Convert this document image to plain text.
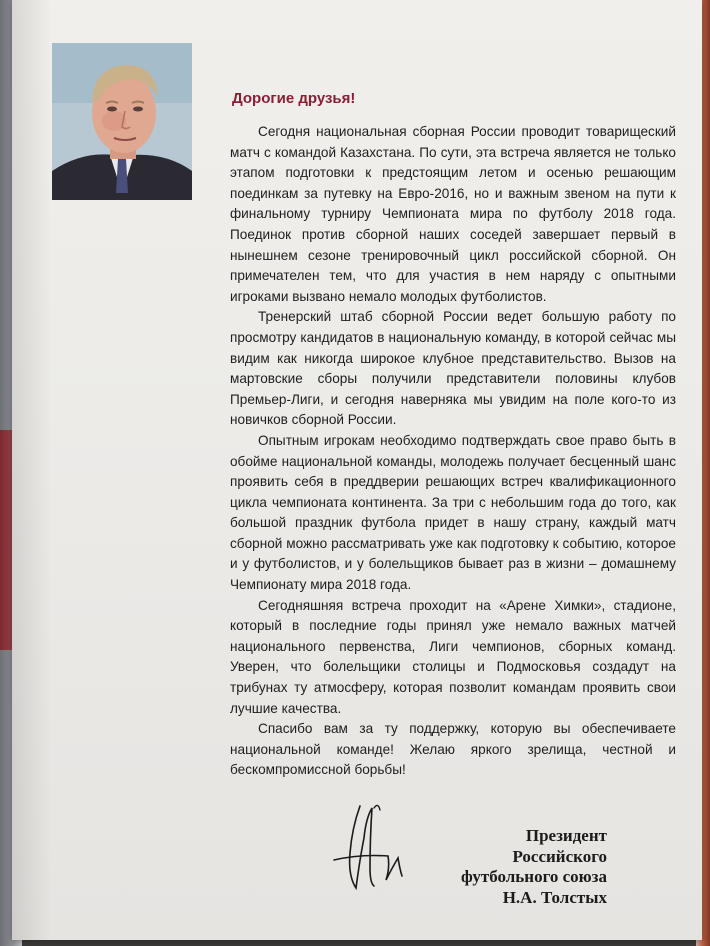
Дорогие друзья!

Сегодня национальная сборная России проводит товарищеский матч с командой Казахстана. По сути, эта встреча является не только этапом подготовки к предстоящим летом и осенью решающим поединкам за путевку на Евро-2016, но и важным звеном на пути к финальному турниру Чемпионата мира по футболу 2018 года. Поединок против сборной наших соседей завершает первый в нынешнем сезоне тренировочный цикл российской сборной. Он примечателен тем, что для участия в нем наряду с опытными игроками вызвано немало молодых футболистов.

Тренерский штаб сборной России ведет большую работу по просмотру кандидатов в национальную команду, в которой сейчас мы видим как никогда широкое клубное представительство. Вызов на мартовские сборы получили представители половины клубов Премьер-Лиги, и сегодня наверняка мы увидим на поле кого-то из новичков сборной России.

Опытным игрокам необходимо подтверждать свое право быть в обойме национальной команды, молодежь получает бесценный шанс проявить себя в преддверии решающих встреч квалификационного цикла чемпионата континента. За три с небольшим года до того, как большой праздник футбола придет в нашу страну, каждый матч сборной можно рассматривать уже как подготовку к событию, которое и у футболистов, и у болельщиков бывает раз в жизни – домашнему Чемпионату мира 2018 года.

Сегодняшняя встреча проходит на «Арене Химки», стадионе, который в последние годы принял уже немало важных матчей национального первенства, Лиги чемпионов, сборных команд. Уверен, что болельщики столицы и Подмосковья создадут на трибунах ту атмосферу, которая позволит командам проявить свои лучшие качества.

Спасибо вам за ту поддержку, которую вы обеспечиваете национальной команде! Желаю яркого зрелища, честной и бескомпромиссной борьбы!

Президент
Российского
футбольного союза
Н.А. Толстых
